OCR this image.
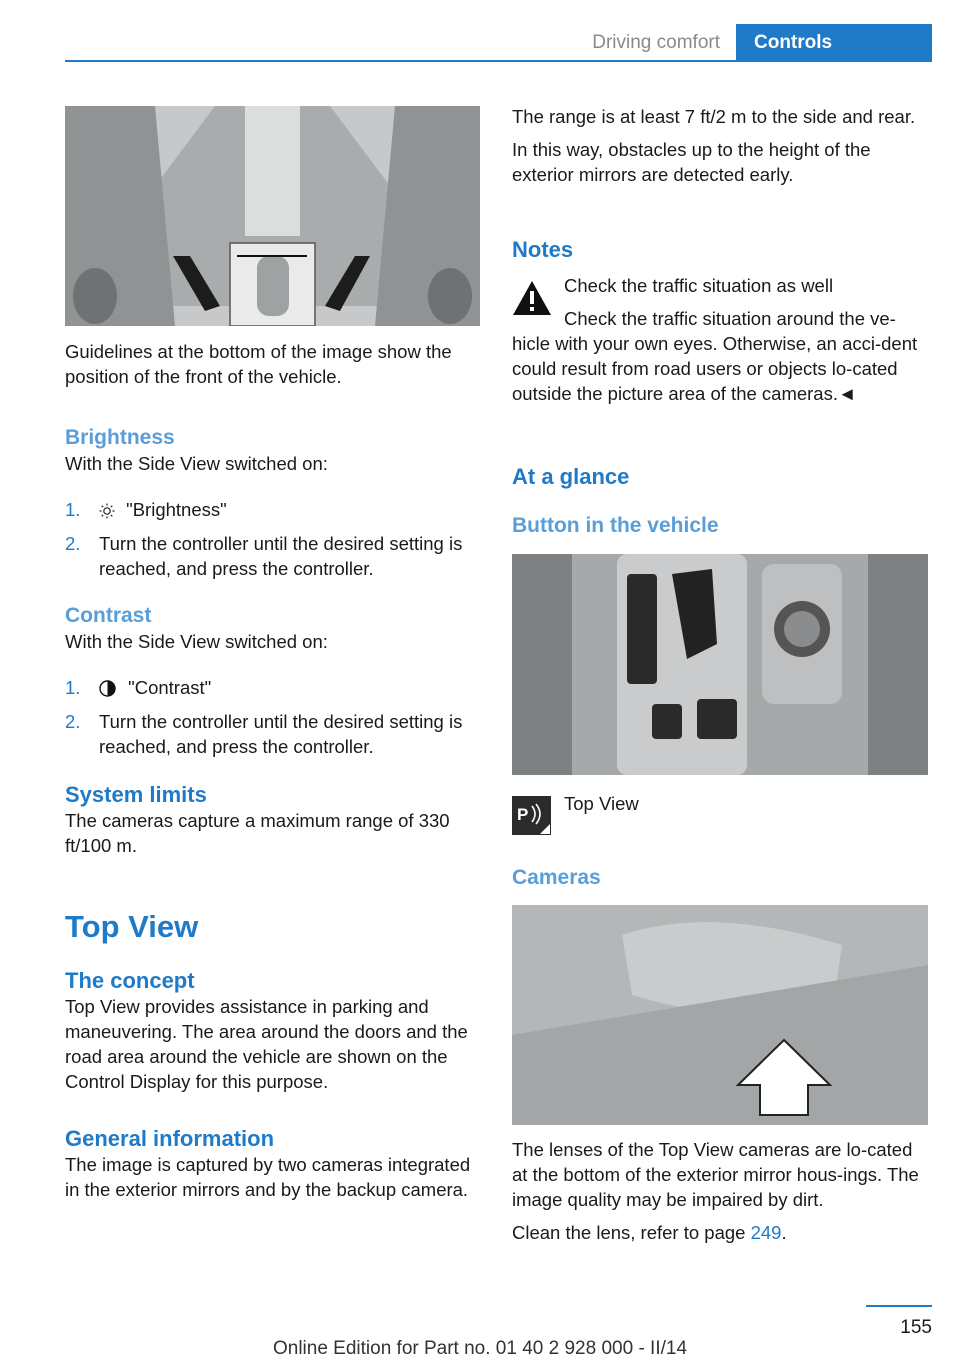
Driving comfort	Controls

Guidelines at the bottom of the image show the position of the front of the vehicle.

Brightness

With the Side View switched on:

1. "Brightness"
2. Turn the controller until the desired setting is reached, and press the controller.
Contrast

With the Side View switched on:

1.	"Contrast"
2. Turn the controller until the desired setting is reached, and press the controller.
System limits

The cameras capture a maximum range of 330 ft/100 m.

Top View
The concept

Top View provides assistance in parking and maneuvering. The area around the doors and the road area around the vehicle are shown on the Control Display for this purpose.

General information

The image is captured by two cameras integrated in the exterior mirrors and by the backup camera.

The range is at least 7 ft/2 m to the side and rear.

In this way, obstacles up to the height of the exterior mirrors are detected early.

Notes

Check the traffic situation as well

Check the traffic situation around the ve-

hicle with your own eyes. Otherwise, an acci-dent could result from road users or objects lo-cated outside the picture area of the cameras.◄

At a glance
Button in the vehicle
P

Top View

Cameras

The lenses of the Top View cameras are lo-cated at the bottom of the exterior mirror hous-ings. The image quality may be impaired by dirt.

Clean the lens, refer to page 249.

155
Online Edition for Part no. 01 40 2 928 000 - II/14
